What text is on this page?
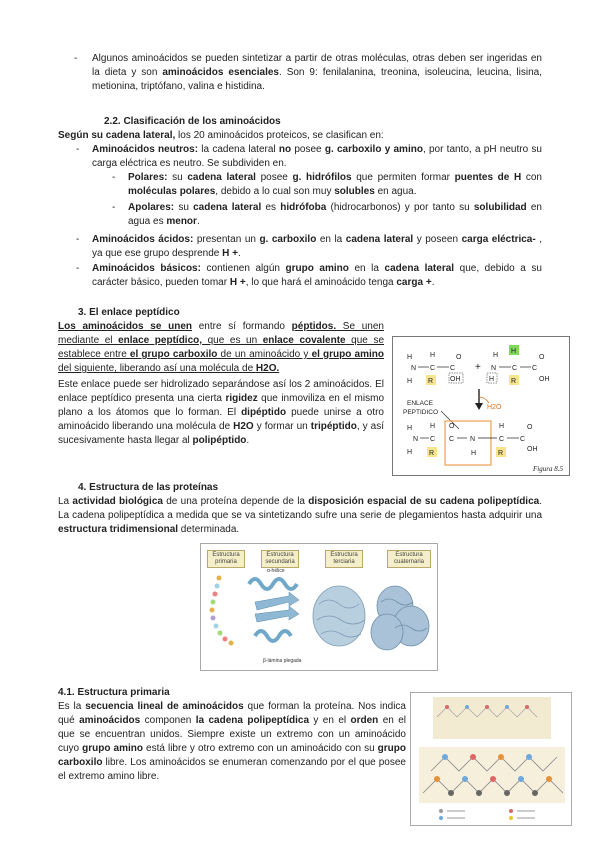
- Algunos aminoácidos se pueden sintetizar a partir de otras moléculas, otras deben ser ingeridas en la dieta y son aminoácidos esenciales. Son 9: fenilalanina, treonina, isoleucina, leucina, lisina, metionina, triptófano, valina e histidina.
2.2. Clasificación de los aminoácidos
Según su cadena lateral, los 20 aminoácidos proteicos, se clasifican en:
- Aminoácidos neutros: la cadena lateral no posee g. carboxilo y amino, por tanto, a pH neutro su carga eléctrica es neutro. Se subdividen en.
- Polares: su cadena lateral posee g. hidrófilos que permiten formar puentes de H con moléculas polares, debido a lo cual son muy solubles en agua.
- Apolares: su cadena lateral es hidrófoba (hidrocarbonos) y por tanto su solubilidad en agua es menor.
- Aminoácidos ácidos: presentan un g. carboxilo en la cadena lateral y poseen carga eléctrica- , ya que ese grupo desprende H +.
- Aminoácidos básicos: contienen algún grupo amino en la cadena lateral que, debido a su carácter básico, pueden tomar H +, lo que hará el aminoácido tenga carga +.
3. El enlace peptídico
Los aminoácidos se unen entre sí formando péptidos. Se unen mediante el enlace peptídico, que es un enlace covalente que se establece entre el grupo carboxilo de un aminoácido y el grupo amino del siguiente, liberando así una molécula de H2O.
Este enlace puede ser hidrolizado separándose así los 2 aminoácidos. El enlace peptídico presenta una cierta rigidez que inmoviliza en el mismo plano a los átomos que lo forman. El dipéptido puede unirse a otro aminoácido liberando una molécula de H2O y formar un tripéptido, y así sucesivamente hasta llegar al polipéptido.
H
N
H
C
H
R
C
O
OH
+
H
N
H
H
C
R
C
O
OH
H2O
ENLACE
PEPTIDICO
H
N
H
C
H
R
C
O
N
H
C
H
R
C
O
OH
Figura 8.5
4. Estructura de las proteínas
La actividad biológica de una proteína depende de la disposición espacial de su cadena polipeptídica. La cadena polipeptídica a medida que se va sintetizando sufre una serie de plegamientos hasta adquirir una estructura tridimensional determinada.
Estructura primaria
Estructura secundaria
Estructura terciaria
Estructura cuaternaria
α-hélice
β-lámina plegada
4.1. Estructura primaria
Es la secuencia lineal de aminoácidos que forman la proteína. Nos indica qué aminoácidos componen la cadena polipeptídica y en el orden en el que se encuentran unidos. Siempre existe un extremo con un aminoácido cuyo grupo amino está libre y otro extremo con un aminoácido con su grupo carboxilo libre. Los aminoácidos se enumeran comenzando por el que posee el extremo amino libre.
